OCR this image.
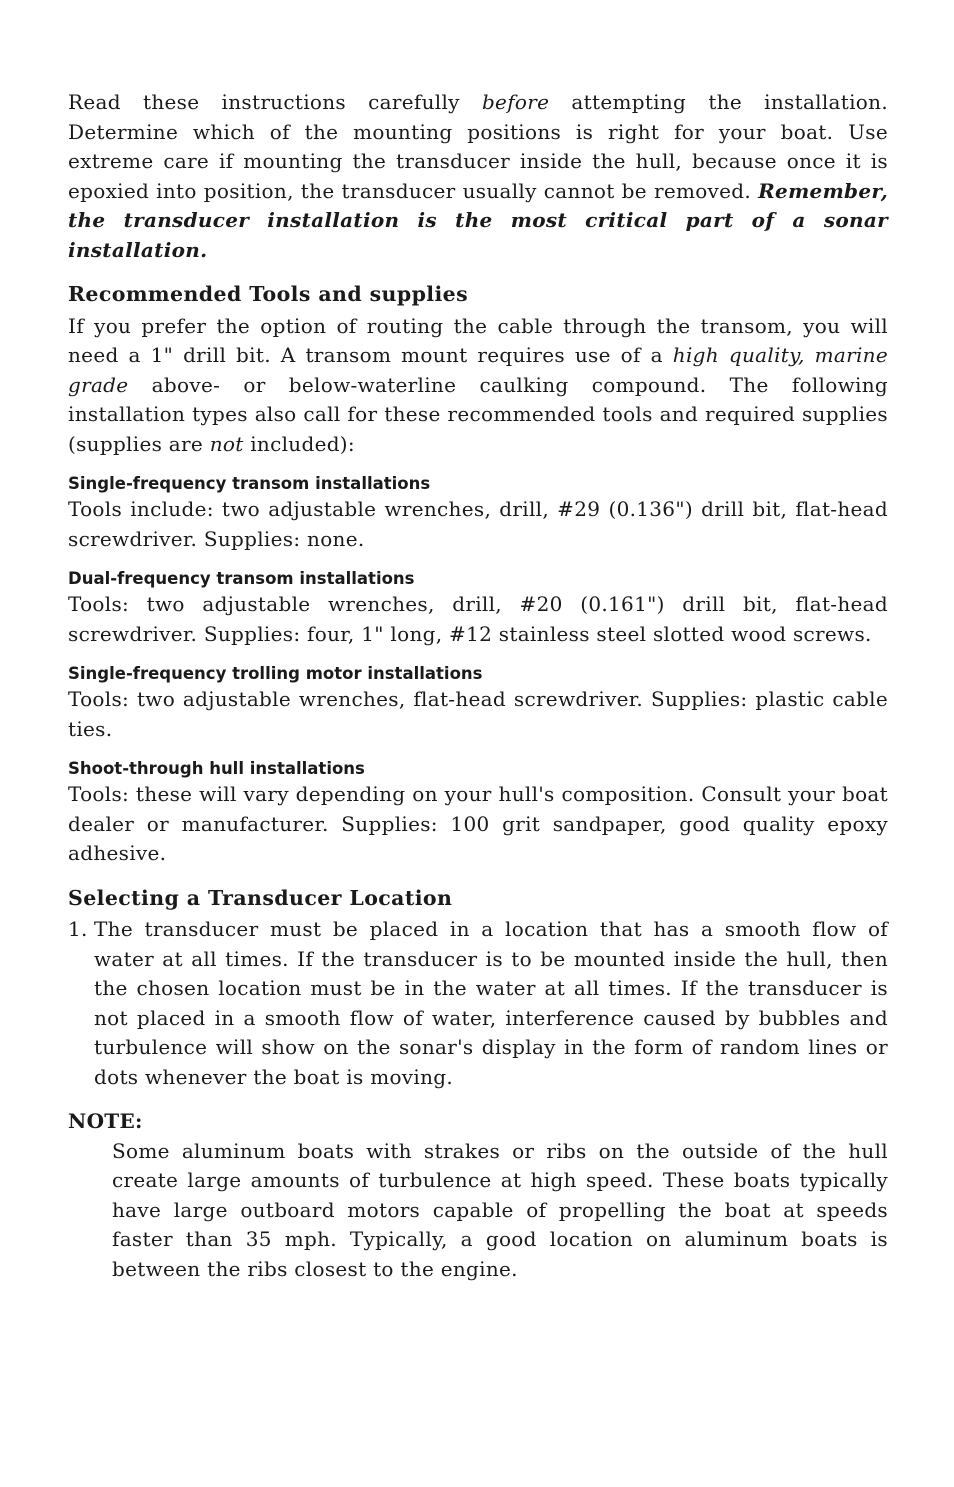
Read these instructions carefully before attempting the installation. Determine which of the mounting positions is right for your boat. Use extreme care if mounting the transducer inside the hull, because once it is epoxied into position, the transducer usually cannot be removed. Remember, the transducer installation is the most critical part of a sonar installation.

Recommended Tools and supplies

If you prefer the option of routing the cable through the transom, you will need a 1" drill bit. A transom mount requires use of a high quality, marine grade above- or below-waterline caulking compound. The following installation types also call for these recommended tools and required supplies (supplies are not included):

Single-frequency transom installations

Tools include: two adjustable wrenches, drill, #29 (0.136") drill bit, flat-head screwdriver. Supplies: none.

Dual-frequency transom installations

Tools: two adjustable wrenches, drill, #20 (0.161") drill bit, flat-head screwdriver. Supplies: four, 1" long, #12 stainless steel slotted wood screws.

Single-frequency trolling motor installations

Tools: two adjustable wrenches, flat-head screwdriver. Supplies: plastic cable ties.

Shoot-through hull installations

Tools: these will vary depending on your hull's composition. Consult your boat dealer or manufacturer. Supplies: 100 grit sandpaper, good quality epoxy adhesive.

Selecting a Transducer Location
1. The transducer must be placed in a location that has a smooth flow of water at all times. If the transducer is to be mounted inside the hull, then the chosen location must be in the water at all times. If the transducer is not placed in a smooth flow of water, interference caused by bubbles and turbulence will show on the sonar's display in the form of random lines or dots whenever the boat is moving.
NOTE:
Some aluminum boats with strakes or ribs on the outside of the hull create large amounts of turbulence at high speed. These boats typically have large outboard motors capable of propelling the boat at speeds faster than 35 mph. Typically, a good location on aluminum boats is between the ribs closest to the engine.
